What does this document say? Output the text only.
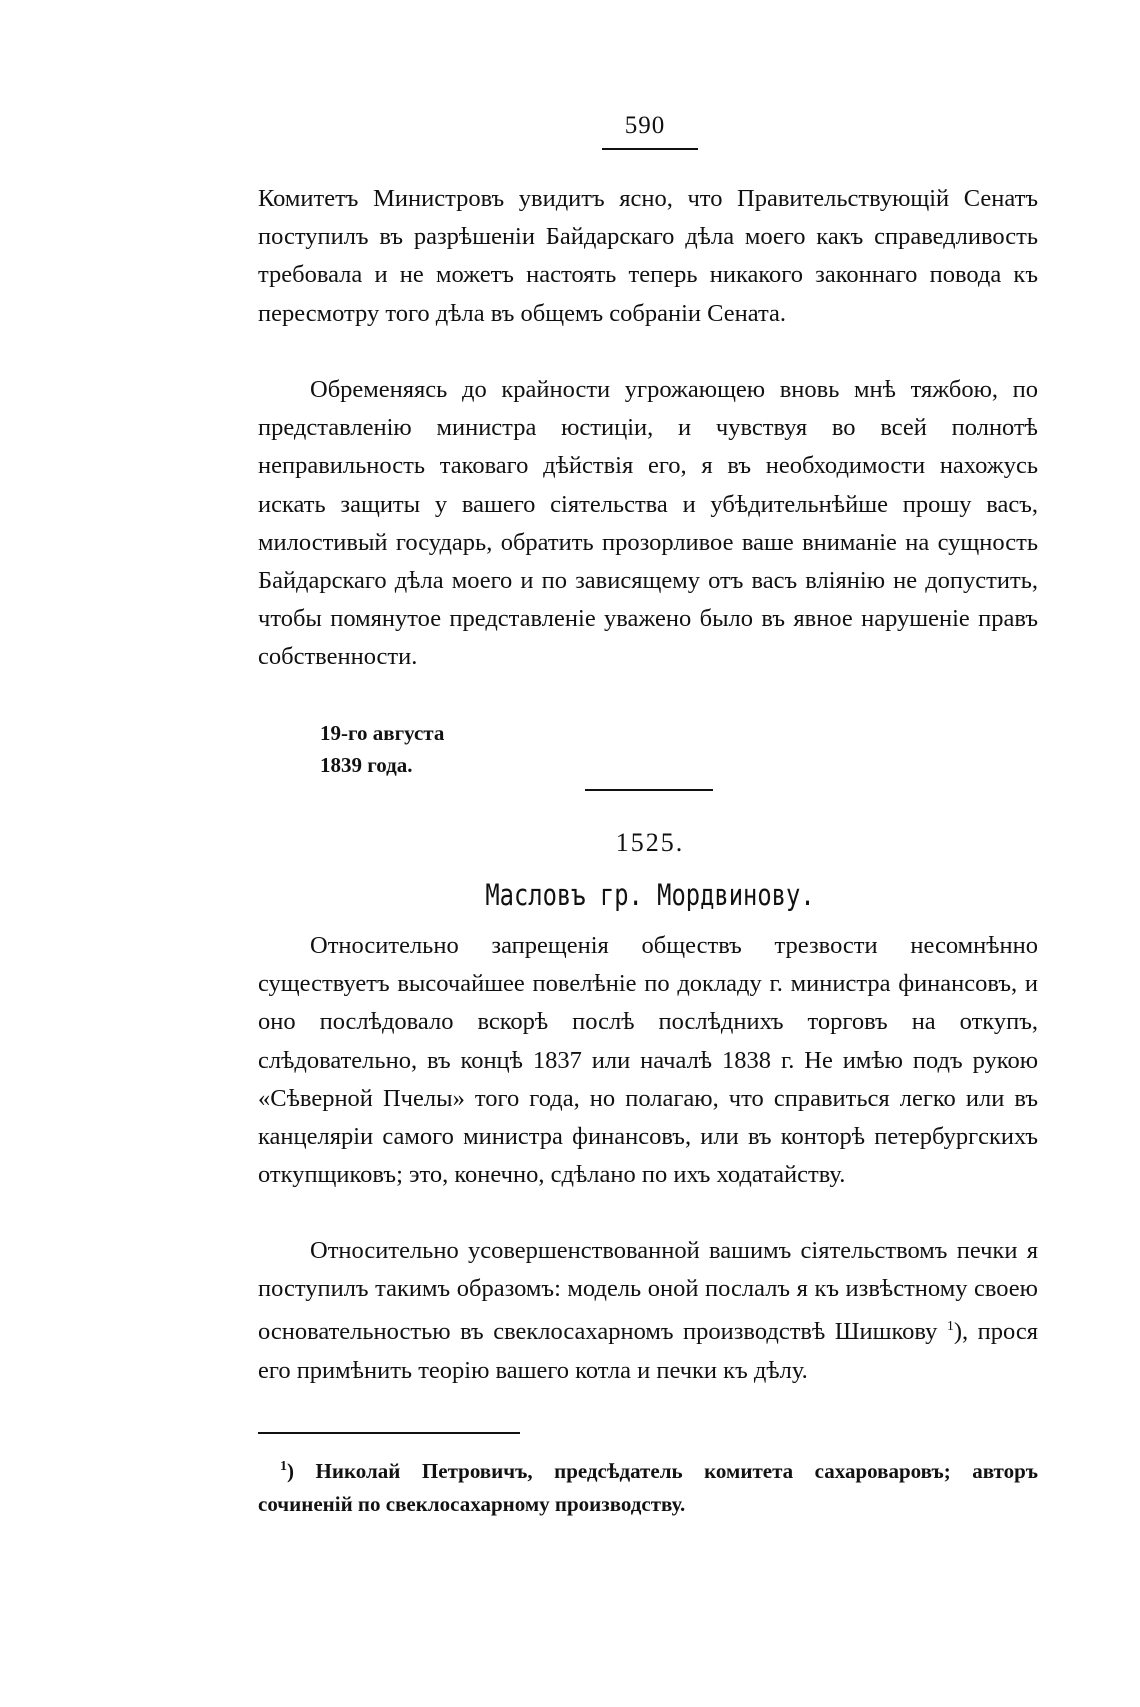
590

Комитетъ Министровъ увидитъ ясно, что Правительствующій Сенатъ поступилъ въ разрѣшеніи Байдарскаго дѣла моего какъ справедливость требовала и не можетъ настоять теперь никакого законнаго повода къ пересмотру того дѣла въ общемъ собраніи Сената.

Обременяясь до крайности угрожающею вновь мнѣ тяжбою, по представленію министра юстиціи, и чувствуя во всей полнотѣ неправильность таковаго дѣйствія его, я въ необходимости нахожусь искать защиты у вашего сіятельства и убѣдительнѣйше прошу васъ, милостивый государь, обратить прозорливое ваше вниманіе на сущность Байдарскаго дѣла моего и по зависящему отъ васъ вліянію не допустить, чтобы помянутое представленіе уважено было въ явное нарушеніе правъ собственности.

19-го августа
1839 года.
1525.
Масловъ гр. Мордвинову.

Относительно запрещенія обществъ трезвости несомнѣнно существуетъ высочайшее повелѣніе по докладу г. министра финансовъ, и оно послѣдовало вскорѣ послѣ послѣднихъ торговъ на откупъ, слѣдовательно, въ концѣ 1837 или началѣ 1838 г. Не имѣю подъ рукою «Сѣверной Пчелы» того года, но полагаю, что справиться легко или въ канцеляріи самого министра финансовъ, или въ конторѣ петербургскихъ откупщиковъ; это, конечно, сдѣлано по ихъ ходатайству.

Относительно усовершенствованной вашимъ сіятельствомъ печки я поступилъ такимъ образомъ: модель оной послалъ я къ извѣстному своею основательностью въ свеклосахарномъ производствѣ Шишкову $^1$), прося его примѣнить теорію вашего котла и печки къ дѣлу.

$^1$) Николай Петровичъ, предсѣдатель комитета сахароваровъ; авторъ сочиненій по свеклосахарному производству.
